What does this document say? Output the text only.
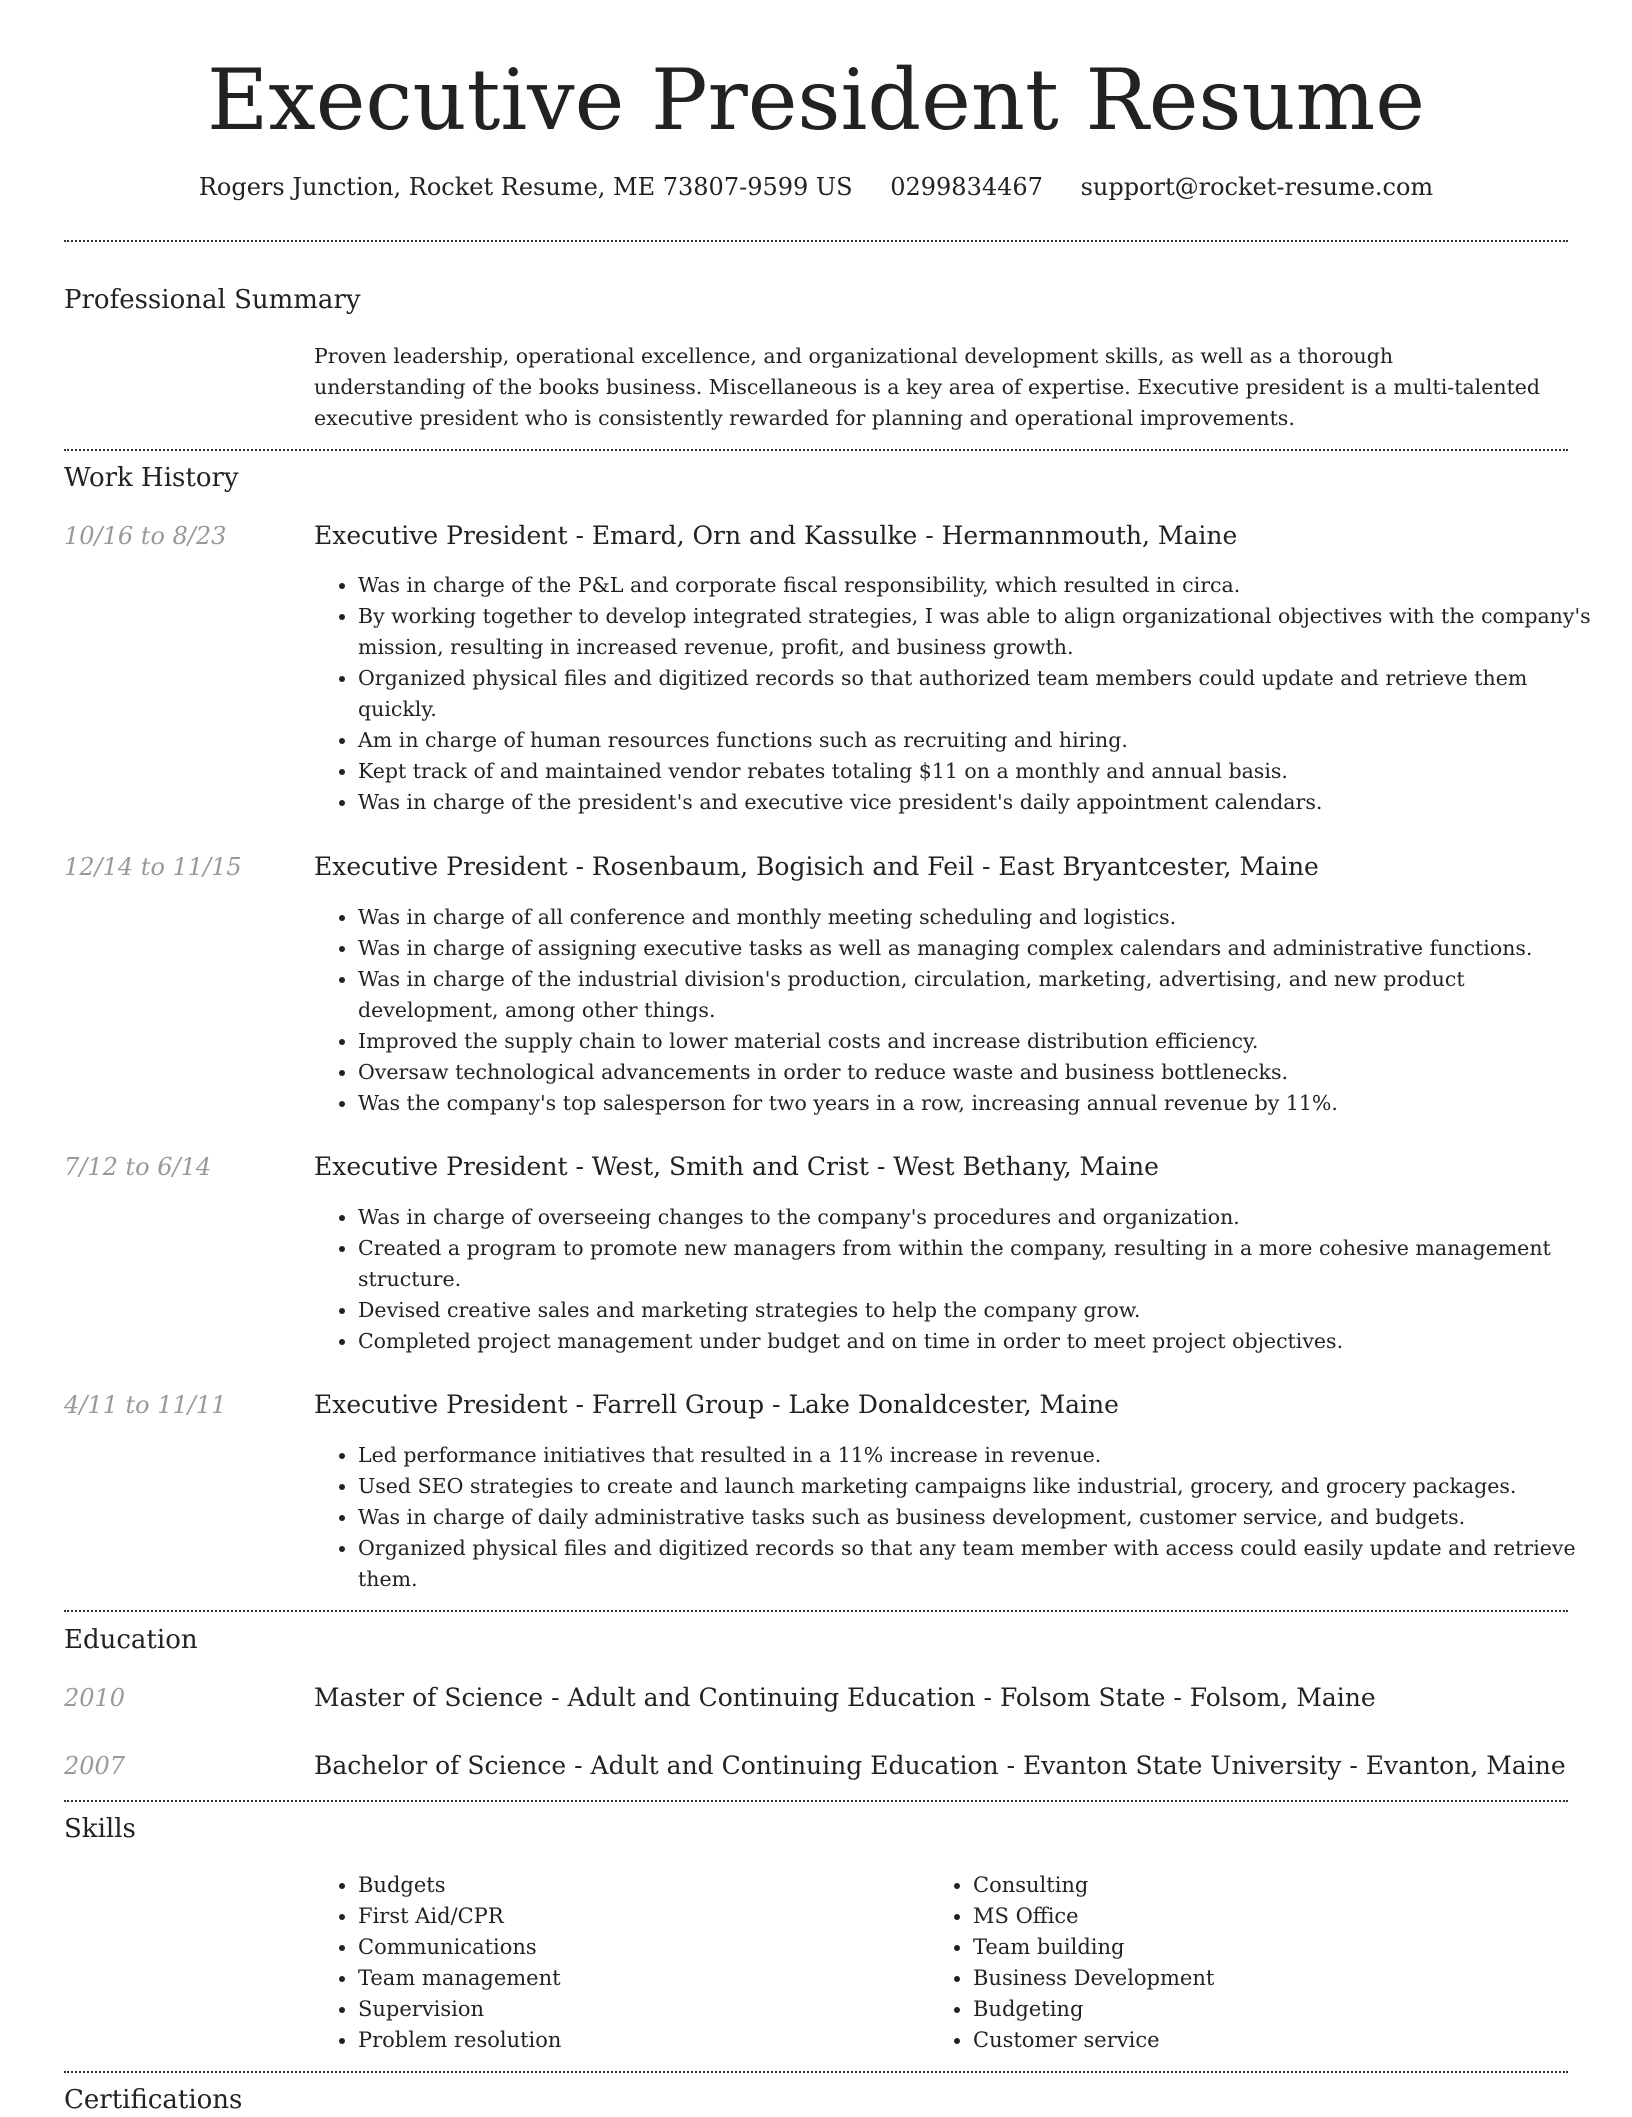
Executive President Resume
Rogers Junction, Rocket Resume, ME 73807-9599 US 0299834467 support@rocket-resume.com
Professional Summary
Proven leadership, operational excellence, and organizational development skills, as well as a thorough understanding of the books business. Miscellaneous is a key area of expertise. Executive president is a multi-talented executive president who is consistently rewarded for planning and operational improvements.
Work History
10/16 to 8/23	Executive President - Emard, Orn and Kassulke - Hermannmouth, Maine
• Was in charge of the P&L and corporate fiscal responsibility, which resulted in circa.
• By working together to develop integrated strategies, I was able to align organizational objectives with the company's mission, resulting in increased revenue, profit, and business growth.
• Organized physical files and digitized records so that authorized team members could update and retrieve them quickly.
• Am in charge of human resources functions such as recruiting and hiring.
• Kept track of and maintained vendor rebates totaling $11 on a monthly and annual basis.
• Was in charge of the president's and executive vice president's daily appointment calendars.
12/14 to 11/15	Executive President - Rosenbaum, Bogisich and Feil - East Bryantcester, Maine
• Was in charge of all conference and monthly meeting scheduling and logistics.
• Was in charge of assigning executive tasks as well as managing complex calendars and administrative functions.
• Was in charge of the industrial division's production, circulation, marketing, advertising, and new product development, among other things.
• Improved the supply chain to lower material costs and increase distribution efficiency.
• Oversaw technological advancements in order to reduce waste and business bottlenecks.
• Was the company's top salesperson for two years in a row, increasing annual revenue by 11%.
7/12 to 6/14	Executive President - West, Smith and Crist - West Bethany, Maine
• Was in charge of overseeing changes to the company's procedures and organization.
• Created a program to promote new managers from within the company, resulting in a more cohesive management structure.
• Devised creative sales and marketing strategies to help the company grow.
• Completed project management under budget and on time in order to meet project objectives.
4/11 to 11/11	Executive President - Farrell Group - Lake Donaldcester, Maine
• Led performance initiatives that resulted in a 11% increase in revenue.
• Used SEO strategies to create and launch marketing campaigns like industrial, grocery, and grocery packages.
• Was in charge of daily administrative tasks such as business development, customer service, and budgets.
• Organized physical files and digitized records so that any team member with access could easily update and retrieve them.
Education
2010	Master of Science - Adult and Continuing Education - Folsom State - Folsom, Maine
2007	Bachelor of Science - Adult and Continuing Education - Evanton State University - Evanton, Maine
Skills
• Budgets
• First Aid/CPR
• Communications
• Team management
• Supervision
• Problem resolution
• Consulting
• MS Office
• Team building
• Business Development
• Budgeting
• Customer service
Certifications
